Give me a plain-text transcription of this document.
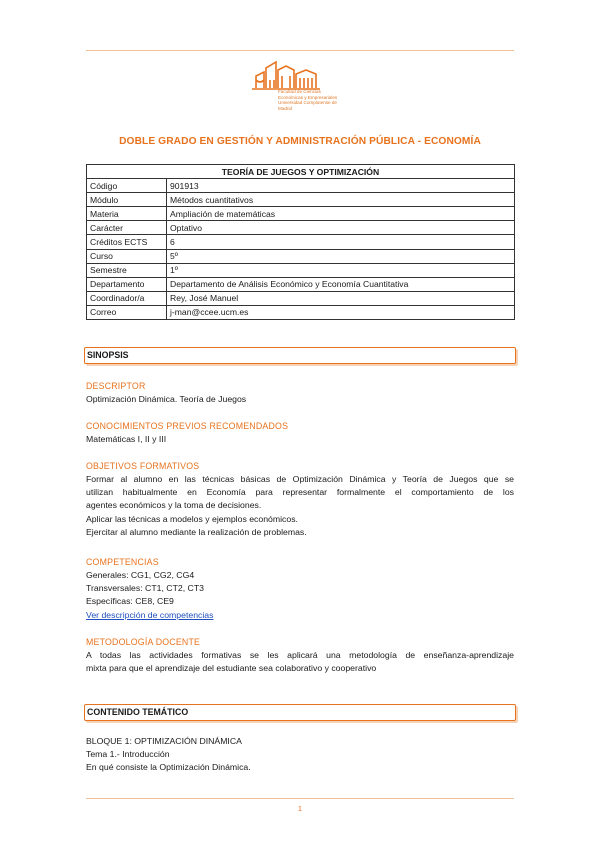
Facultad de Ciencias
Económicas y Empresariales
Universidad Complutense de Madrid
DOBLE GRADO EN GESTIÓN Y ADMINISTRACIÓN PÚBLICA - ECONOMÍA
TEORÍA DE JUEGOS Y OPTIMIZACIÓN	
Código	901913
Módulo	Métodos cuantitativos
Materia	Ampliación de matemáticas
Carácter	Optativo
Créditos ECTS	6
Curso	5º
Semestre	1º
Departamento	Departamento de Análisis Económico y Economía Cuantitativa
Coordinador/a	Rey, José Manuel
Correo	j-man@ccee.ucm.es
SINOPSIS
DESCRIPTOR
Optimización Dinámica. Teoría de Juegos
CONOCIMIENTOS PREVIOS RECOMENDADOS
Matemáticas I, II y III
OBJETIVOS FORMATIVOS
Formar al alumno en las técnicas básicas de Optimización Dinámica y Teoría de Juegos que se
utilizan habitualmente en Economía para representar formalmente el comportamiento de los
agentes económicos y la toma de decisiones.
Aplicar las técnicas a modelos y ejemplos económicos.
Ejercitar al alumno mediante la realización de problemas.
COMPETENCIAS
Generales: CG1, CG2, CG4
Transversales: CT1, CT2, CT3
Específicas: CE8, CE9
Ver descripción de competencias
METODOLOGÍA DOCENTE
A todas las actividades formativas se les aplicará una metodología de enseñanza-aprendizaje
mixta para que el aprendizaje del estudiante sea colaborativo y cooperativo
CONTENIDO TEMÁTICO
BLOQUE 1: OPTIMIZACIÓN DINÁMICA
Tema 1.- Introducción
En qué consiste la Optimización Dinámica.
1
